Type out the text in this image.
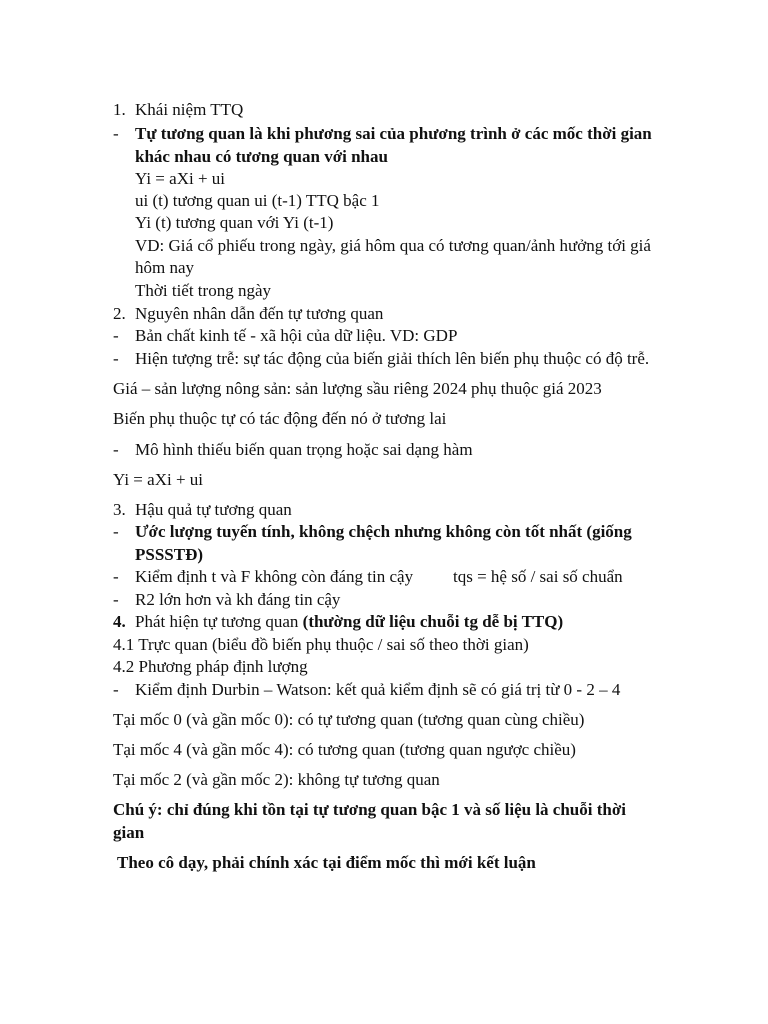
1. Khái niệm TTQ
- Tự tương quan là khi phương sai của phương trình ở các mốc thời gian
khác nhau có tương quan với nhau
Yi = aXi + ui
ui (t) tương quan ui (t-1) TTQ bậc 1
Yi (t) tương quan với Yi (t-1)
VD: Giá cổ phiếu trong ngày, giá hôm qua có tương quan/ảnh hưởng tới giá
hôm nay
Thời tiết trong ngày
2. Nguyên nhân dẫn đến tự tương quan
- Bản chất kinh tế - xã hội của dữ liệu. VD: GDP
- Hiện tượng trễ: sự tác động của biến giải thích lên biến phụ thuộc có độ trễ.
Giá – sản lượng nông sản: sản lượng sầu riêng 2024 phụ thuộc giá 2023
Biến phụ thuộc tự có tác động đến nó ở tương lai
- Mô hình thiếu biến quan trọng hoặc sai dạng hàm
Yi = aXi + ui
3. Hậu quả tự tương quan
- Ước lượng tuyến tính, không chệch nhưng không còn tốt nhất (giống
PSSSTĐ)
- Kiểm định t và F không còn đáng tin cậy tqs = hệ số / sai số chuẩn
- R2 lớn hơn và kh đáng tin cậy
4. Phát hiện tự tương quan (thường dữ liệu chuỗi tg dễ bị TTQ)
4.1 Trực quan (biểu đồ biến phụ thuộc / sai số theo thời gian)
4.2 Phương pháp định lượng
- Kiểm định Durbin – Watson: kết quả kiểm định sẽ có giá trị từ 0 - 2 – 4
Tại mốc 0 (và gần mốc 0): có tự tương quan (tương quan cùng chiều)
Tại mốc 4 (và gần mốc 4): có tương quan (tương quan ngược chiều)
Tại mốc 2 (và gần mốc 2): không tự tương quan
Chú ý: chỉ đúng khi tồn tại tự tương quan bậc 1 và số liệu là chuỗi thời
gian
Theo cô dạy, phải chính xác tại điểm mốc thì mới kết luận
